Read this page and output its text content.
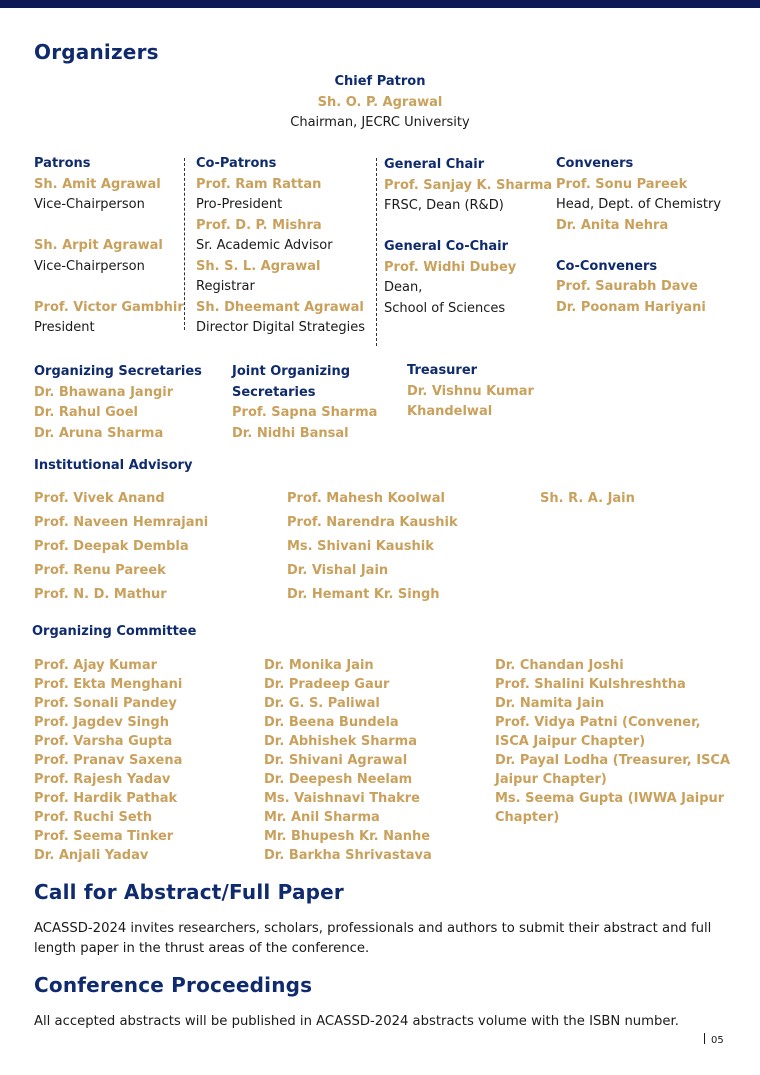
Organizers
Chief Patron
Sh. O. P. Agrawal
Chairman, JECRC University
Patrons
Sh. Amit Agrawal
Vice-Chairperson
Sh. Arpit Agrawal
Vice-Chairperson
Prof. Victor Gambhir
President
Co-Patrons
Prof. Ram Rattan
Pro-President
Prof. D. P. Mishra
Sr. Academic Advisor
Sh. S. L. Agrawal
Registrar
Sh. Dheemant Agrawal
Director Digital Strategies
General Chair
Prof. Sanjay K. Sharma
FRSC, Dean (R&D)
General Co-Chair
Prof. Widhi Dubey
Dean,
School of Sciences
Conveners
Prof. Sonu Pareek
Head, Dept. of Chemistry
Dr. Anita Nehra
Co-Conveners
Prof. Saurabh Dave
Dr. Poonam Hariyani
Organizing Secretaries
Dr. Bhawana Jangir
Dr. Rahul Goel
Dr. Aruna Sharma
Joint Organizing
Secretaries
Prof. Sapna Sharma
Dr. Nidhi Bansal
Treasurer
Dr. Vishnu Kumar
Khandelwal
Institutional Advisory
Prof. Vivek Anand
Prof. Naveen Hemrajani
Prof. Deepak Dembla
Prof. Renu Pareek
Prof. N. D. Mathur
Prof. Mahesh Koolwal
Prof. Narendra Kaushik
Ms. Shivani Kaushik
Dr. Vishal Jain
Dr. Hemant Kr. Singh
Sh. R. A. Jain
Organizing Committee
Prof. Ajay Kumar
Prof. Ekta Menghani
Prof. Sonali Pandey
Prof. Jagdev Singh
Prof. Varsha Gupta
Prof. Pranav Saxena
Prof. Rajesh Yadav
Prof. Hardik Pathak
Prof. Ruchi Seth
Prof. Seema Tinker
Dr. Anjali Yadav
Dr. Monika Jain
Dr. Pradeep Gaur
Dr. G. S. Paliwal
Dr. Beena Bundela
Dr. Abhishek Sharma
Dr. Shivani Agrawal
Dr. Deepesh Neelam
Ms. Vaishnavi Thakre
Mr. Anil Sharma
Mr. Bhupesh Kr. Nanhe
Dr. Barkha Shrivastava
Dr. Chandan Joshi
Prof. Shalini Kulshreshtha
Dr. Namita Jain
Prof. Vidya Patni (Convener,
ISCA Jaipur Chapter)
Dr. Payal Lodha (Treasurer, ISCA
Jaipur Chapter)
Ms. Seema Gupta (IWWA Jaipur
Chapter)
Call for Abstract/Full Paper
ACASSD-2024 invites researchers, scholars, professionals and authors to submit their abstract and full length paper in the thrust areas of the conference.
Conference Proceedings
All accepted abstracts will be published in ACASSD-2024 abstracts volume with the ISBN number.
05
